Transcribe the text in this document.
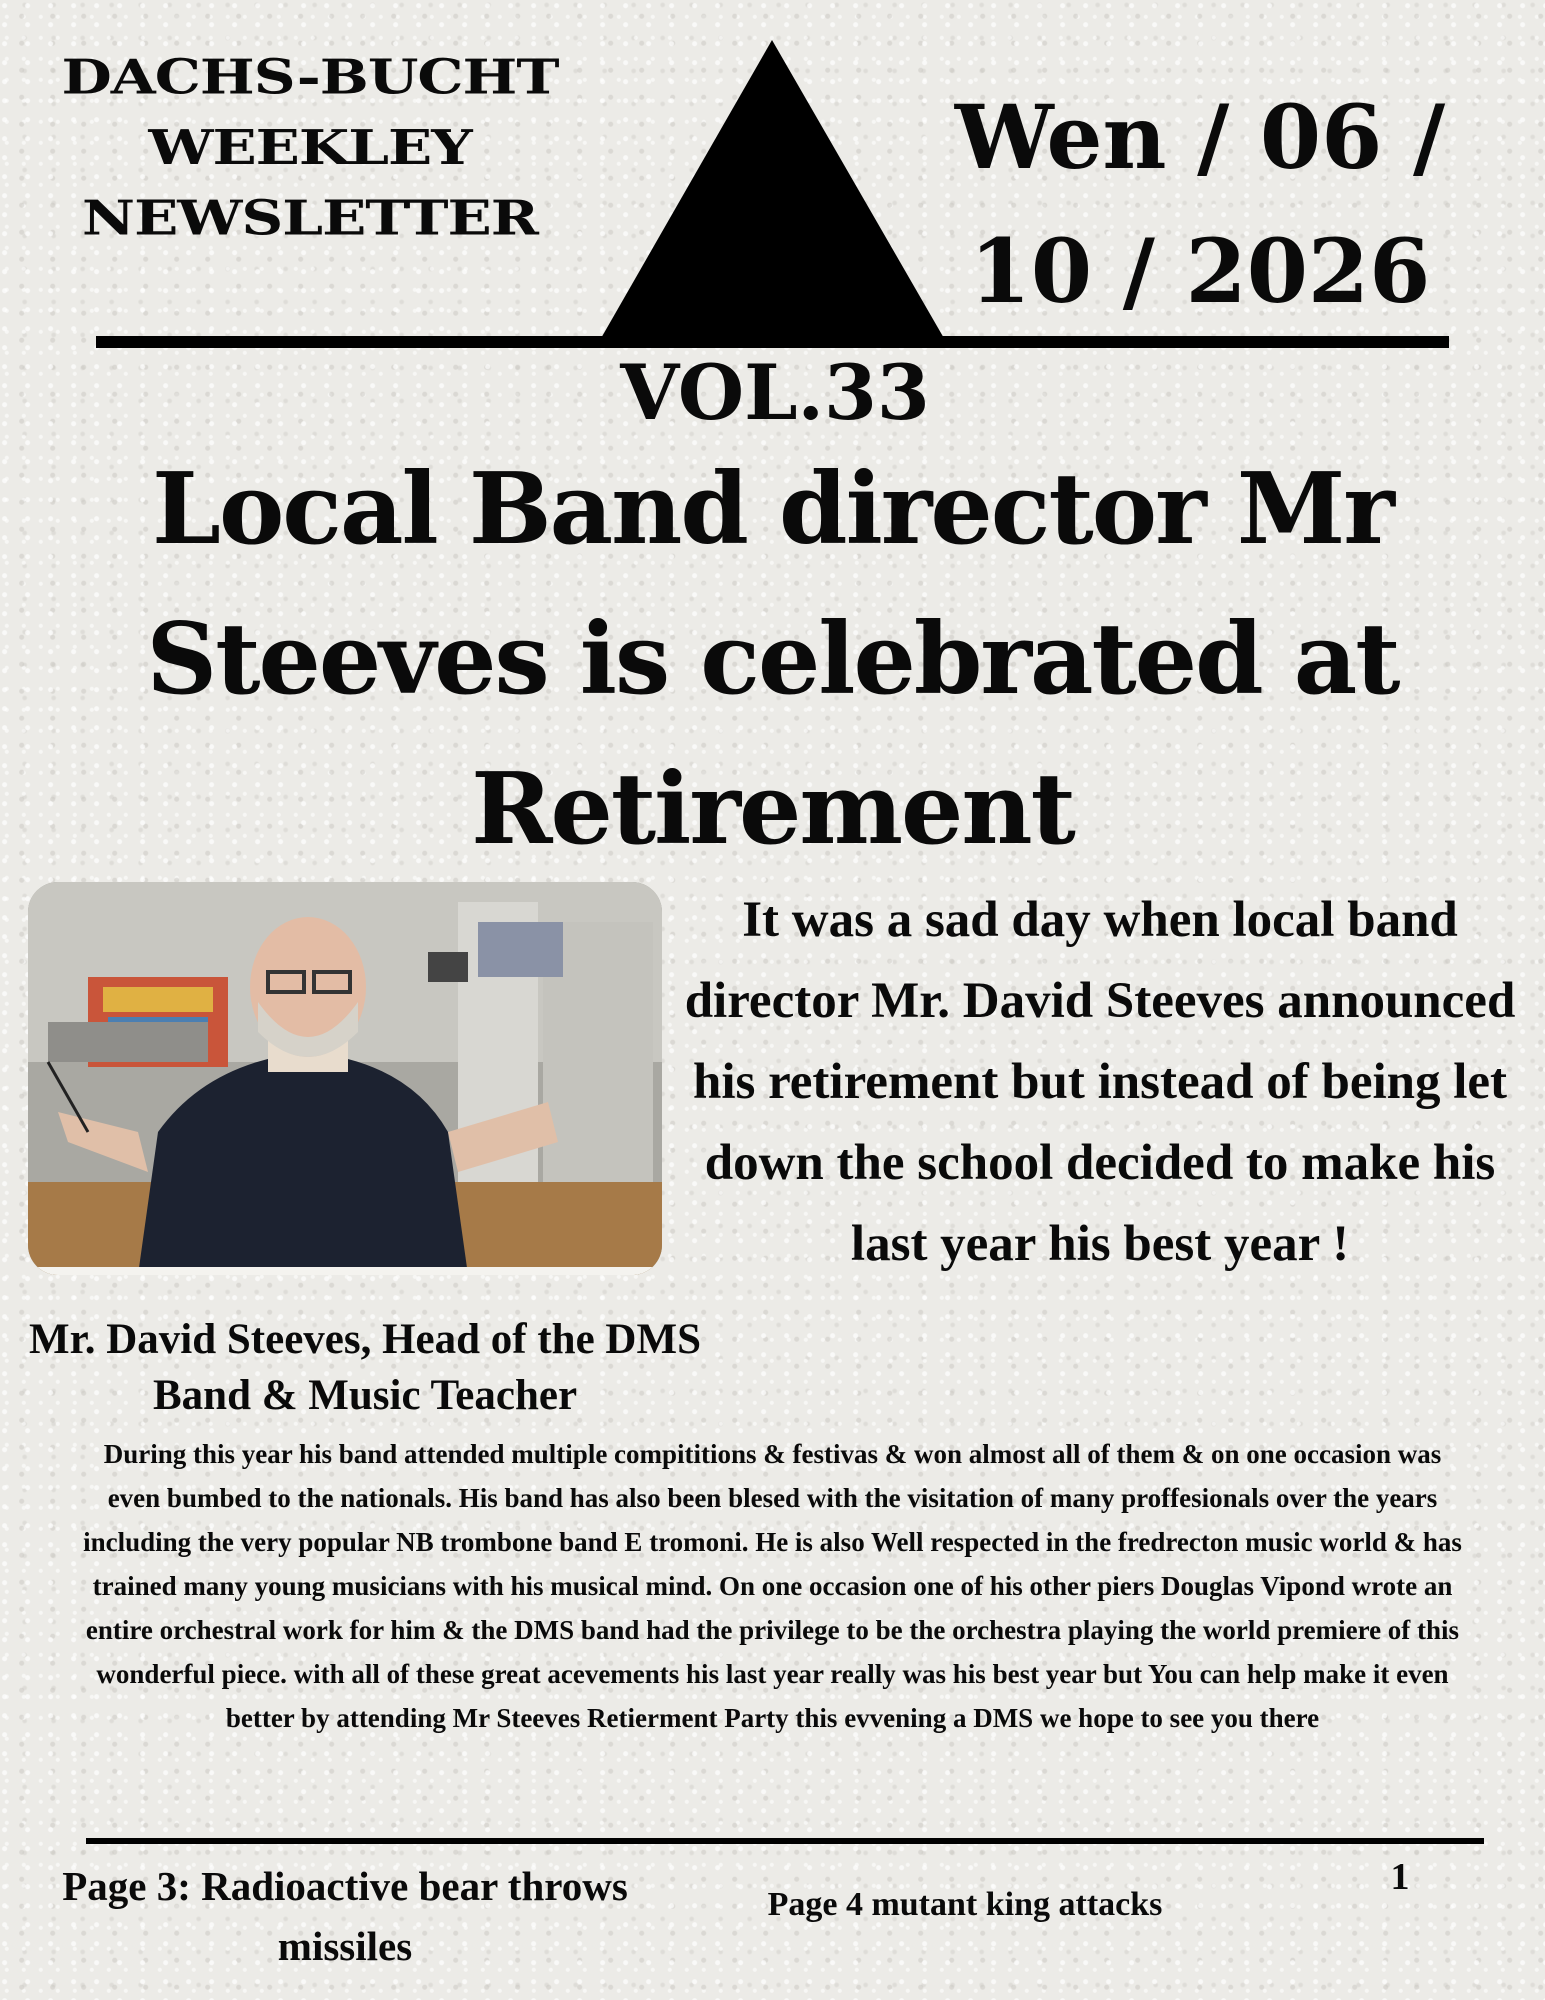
DACHS-BUCHT WEEKLEY NEWSLETTER
Wen / 06 / 10 / 2026
VOL.33
Local Band director Mr Steeves is celebrated at Retirement
Mr. David Steeves, Head of the DMS Band & Music Teacher

It was a sad day when local band director Mr. David Steeves announced his retirement but instead of being let down the school decided to make his last year his best year !

During this year his band attended multiple compititions & festivas & won almost all of them & on one occasion was even bumbed to the nationals. His band has also been blesed with the visitation of many proffesionals over the years including the very popular NB trombone band E tromoni. He is also Well respected in the fredrecton music world & has trained many young musicians with his musical mind. On one occasion one of his other piers Douglas Vipond wrote an entire orchestral work for him & the DMS band had the privilege to be the orchestra playing the world premiere of this wonderful piece. with all of these great acevements his last year really was his best year but You can help make it even better by attending Mr Steeves Retierment Party this evvening a DMS we hope to see you there

Page 3: Radioactive bear throws missiles
Page 4 mutant king attacks
1
